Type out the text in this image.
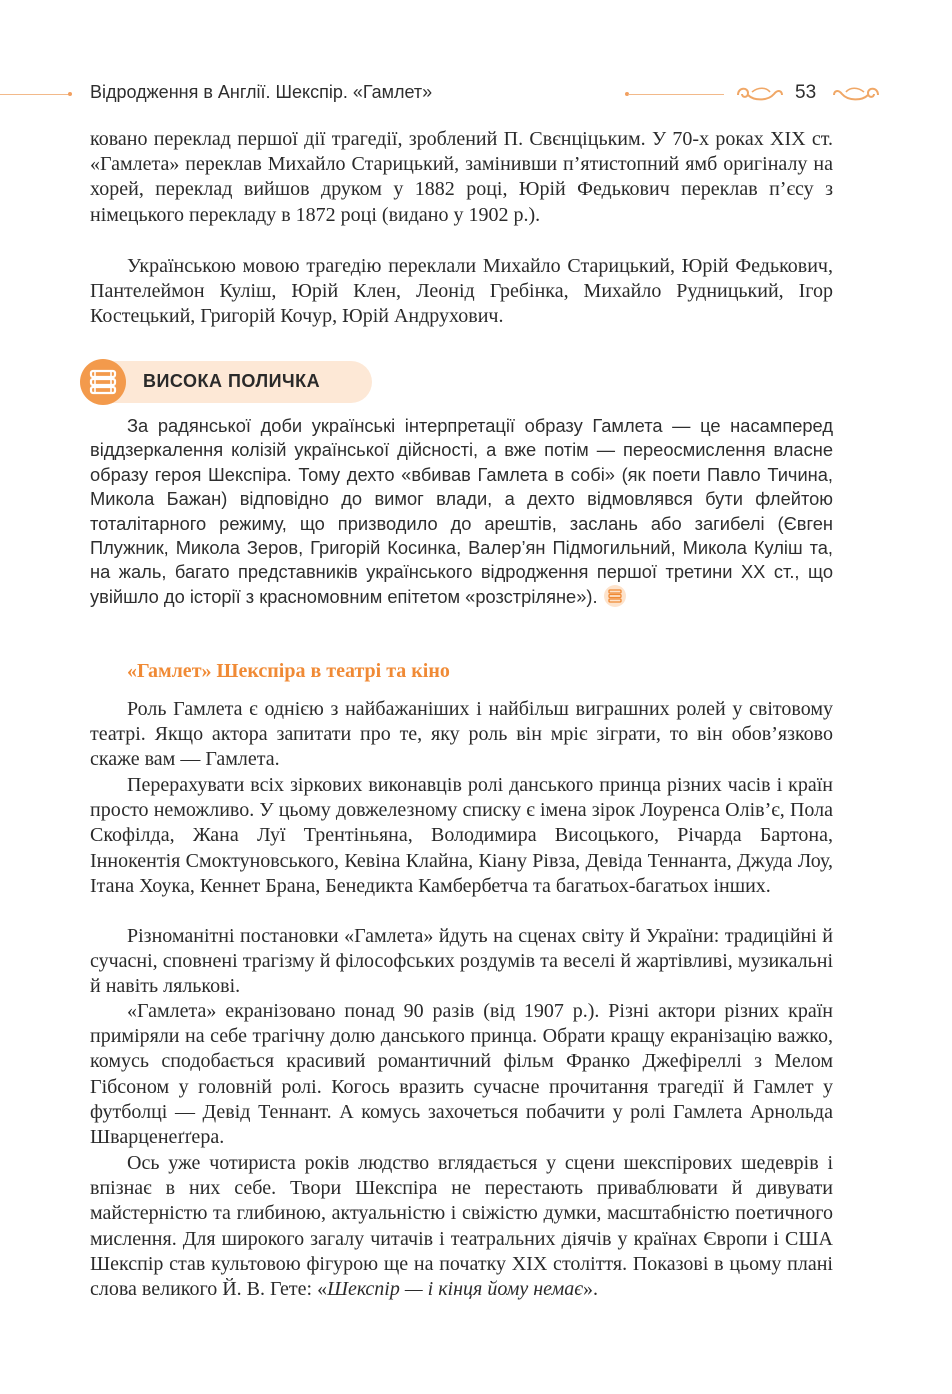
Відродження в Англії. Шекспір. «Гамлет»	53

ковано переклад першої дії трагедії, зроблений П. Свєнціцьким. У 70-х роках XIX ст. «Гамлета» переклав Михайло Старицький, замінивши п’ятистопний ямб оригіналу на хорей, переклад вийшов друком у 1882 році, Юрій Федькович переклав п’єсу з німецького перекладу в 1872 році (видано у 1902 р.).

Українською мовою трагедію переклали Михайло Старицький, Юрій Федькович, Пантелеймон Куліш, Юрій Клен, Леонід Гребінка, Михайло Рудницький, Ігор Костецький, Григорій Кочур, Юрій Андрухович.

ВИСОКА ПОЛИЧКА

За радянської доби українські інтерпретації образу Гамлета — це насамперед віддзеркалення колізій української дійсності, а вже потім — переосмислення власне образу героя Шекспіра. Тому дехто «вбивав Гамлета в собі» (як поети Павло Тичина, Микола Бажан) відповідно до вимог влади, а дехто відмовлявся бути флейтою тоталітарного режиму, що призводило до арештів, заслань або загибелі (Євген Плужник, Микола Зеров, Григорій Косинка, Валер’ян Підмогильний, Микола Куліш та, на жаль, багато представників українського відродження першої третини XX ст., що увійшло до історії з красномовним епітетом «розстріляне»).

«Гамлет» Шекспіра в театрі та кіно

Роль Гамлета є однією з найбажаніших і найбільш виграшних ролей у світовому театрі. Якщо актора запитати про те, яку роль він мріє зіграти, то він обов’язково скаже вам — Гамлета.

Перерахувати всіх зіркових виконавців ролі данського принца різних часів і країн просто неможливо. У цьому довжелезному списку є імена зірок Лоуренса Олів’є, Пола Скофілда, Жана Луї Трентіньяна, Володимира Висоцького, Річарда Бартона, Іннокентія Смоктуновського, Кевіна Клайна, Кіану Рівза, Девіда Теннанта, Джуда Лоу, Ітана Хоука, Кеннет Брана, Бенедикта Камбербетча та багатьох-багатьох інших.

Різноманітні постановки «Гамлета» йдуть на сценах світу й України: традиційні й сучасні, сповнені трагізму й філософських роздумів та веселі й жартівливі, музикальні й навіть лялькові.

«Гамлета» екранізовано понад 90 разів (від 1907 р.). Різні актори різних країн приміряли на себе трагічну долю данського принца. Обрати кращу екранізацію важко, комусь сподобається красивий романтичний фільм Франко Джефіреллі з Мелом Гібсоном у головній ролі. Когось вразить сучасне прочитання трагедії й Гамлет у футболці — Девід Теннант. А комусь захочеться побачити у ролі Гамлета Арнольда Шварценеґґера.

Ось уже чотириста років людство вглядається у сцени шекспірових шедеврів і впізнає в них себе. Твори Шекспіра не перестають приваблювати й дивувати майстерністю та глибиною, актуальністю і свіжістю думки, масштабністю поетичного мислення. Для широкого загалу читачів і театральних діячів у країнах Європи і США Шекспір став культовою фігурою ще на початку XIX століття. Показові в цьому плані слова великого Й. В. Гете: «Шекспір — і кінця йому немає».
